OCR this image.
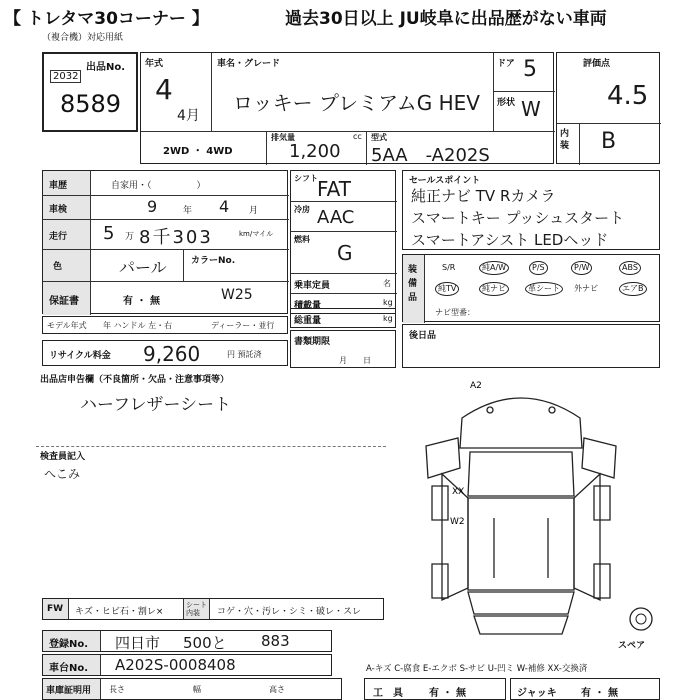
【 トレタマ30コーナー 】	過去30日以上 JU岐阜に出品歴がない車両
（複合機）対応用紙
出品No.
2032
8589
年式
4
4月
車名・グレード
ロッキー プレミアムG HEV
ドア 5
形状 W
2WD ・ 4WD
排気量	cc
1,200
型式
5AA　-A202S
評価点
4.5
内装 B
車歴	自家用・（　　　　　）
車検	9	年 4 月
走行 5 万 8千303	km/マイル
色	パール	カラーNo.
保証書	有 ・ 無	W25
シフト FAT
冷房 AAC
燃料
G
乗車定員	名
積載量	kg
総重量	kg
書類期限
月　　日
セールスポイント
純正ナビ TV Rカメラ
スマートキー プッシュスタート
スマートアシスト LEDヘッド
装備品
S/R	純A/W	P/S	P/W	ABS
純TV	純ナビ	革シート	外ナビ	エアB
ナビ型番：
後日品
モデル年式 年 ハンドル 左・右	ディーラー・並行
リサイクル料金 9,260	円 預託済
出品店申告欄（不良箇所・欠品・注意事項等）
ハーフレザーシート
検査員記入
へこみ
A2
XX
W2
スペア
FW キズ・ヒビ石・割レ×
シート内装	コゲ・穴・汚レ・シミ・破レ・スレ
登録No. 四日市 500と 883
車台No. A202S-0008408
車庫証明用 長さ	幅	高さ
A-キズ C-腐食 E-エクボ S-サビ U-凹ミ W-補修 XX-交換済
工具 有 ・ 無	ジャッキ 有 ・ 無
